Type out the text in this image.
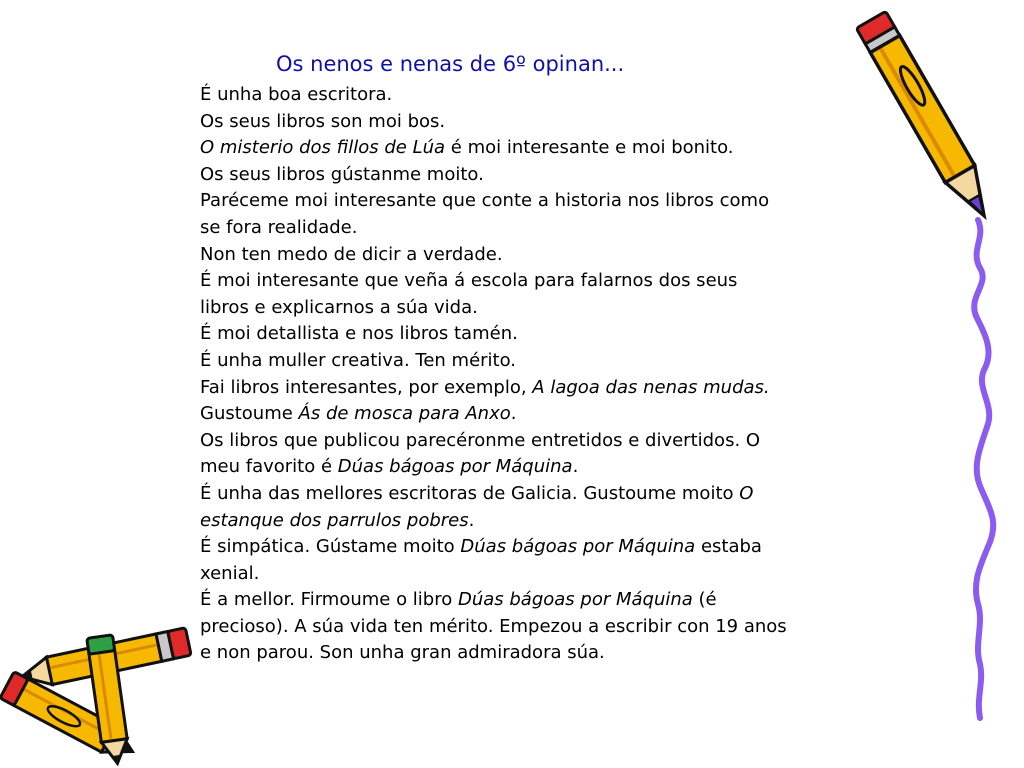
Os nenos e nenas de 6º opinan...
É unha boa escritora.
Os seus libros son moi bos.
O misterio dos fillos de Lúa é moi interesante e moi bonito.
Os seus libros gústanme moito.
Paréceme moi interesante que conte a historia nos libros como
se fora realidade.
Non ten medo de dicir a verdade.
É moi interesante que veña á escola para falarnos dos seus
libros e explicarnos a súa vida.
É moi detallista e nos libros tamén.
É unha muller creativa. Ten mérito.
Fai libros interesantes, por exemplo, A lagoa das nenas mudas.
Gustoume Ás de mosca para Anxo.
Os libros que publicou parecéronme entretidos e divertidos. O
meu favorito é Dúas bágoas por Máquina.
É unha das mellores escritoras de Galicia. Gustoume moito O
estanque dos parrulos pobres.
É simpática. Gústame moito Dúas bágoas por Máquina estaba
xenial.
É a mellor. Firmoume o libro Dúas bágoas por Máquina (é
precioso). A súa vida ten mérito. Empezou a escribir con 19 anos
e non parou. Son unha gran admiradora súa.
